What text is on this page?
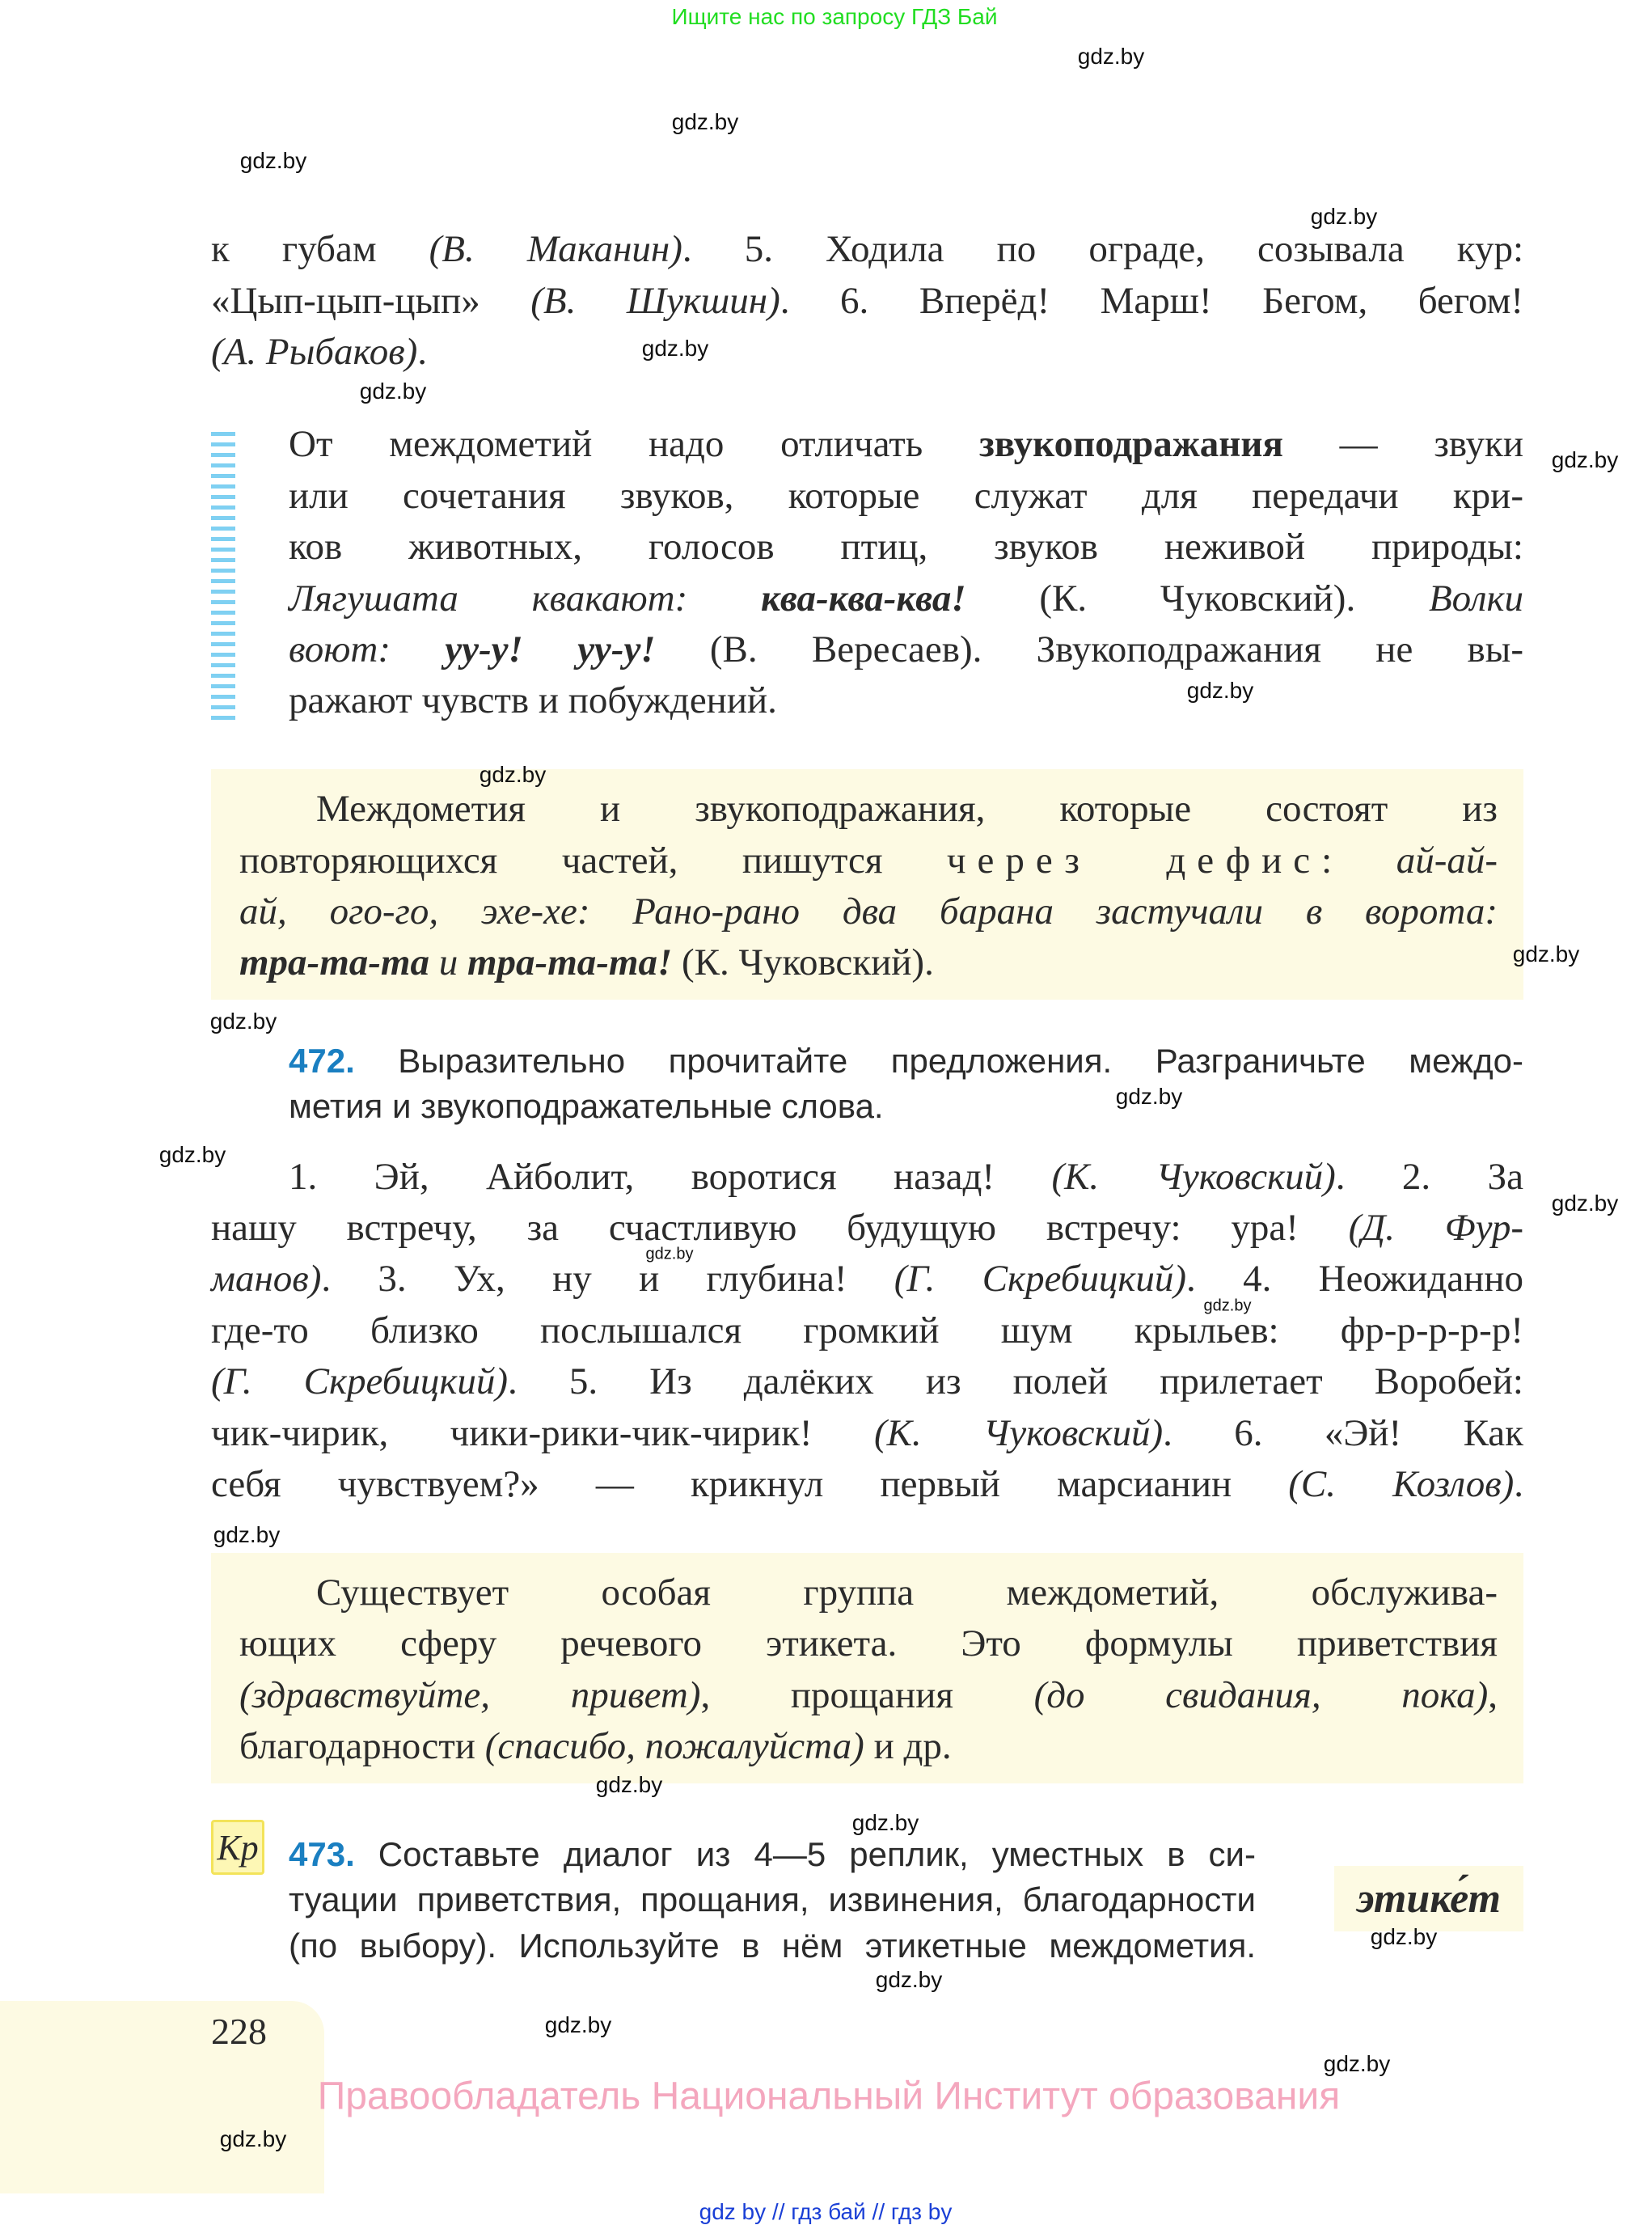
Ищите нас по запросу ГДЗ Бай
Кр
этике́т
228
Правообладатель Национальный Институт образования
gdz by // гдз бай // гдз by
к губам (В. Маканин). 5. Ходила по ограде, созывала кур:
«Цып-цып-цып» (В. Шукшин). 6. Вперёд! Марш! Бегом, бегом!
(А. Рыбаков).
От междометий надо отличать звукоподражания — звуки
или сочетания звуков, которые служат для передачи кри-
ков животных, голосов птиц, звуков неживой природы:
Лягушата квакают: ква-ква-ква! (К. Чуковский). Волки
воют: уу-у! уу-у! (В. Вересаев). Звукоподражания не вы-
ражают чувств и побуждений.
Междометия и звукоподражания, которые состоят из
повторяющихся частей, пишутся через дефис: ай-ай-
ай, ого-го, эхе-хе: Рано-рано два барана застучали в ворота:
тра-та-та и тра-та-та! (К. Чуковский).
472. Выразительно прочитайте предложения. Разграничьте междо-
метия и звукоподражательные слова.
1. Эй, Айболит, воротися назад! (К. Чуковский). 2. За
нашу встречу, за счастливую будущую встречу: ура! (Д. Фур-
манов). 3. Ух, ну и глубина! (Г. Скребицкий). 4. Неожиданно
где-то близко послышался громкий шум крыльев: фр-р-р-р-р!
(Г. Скребицкий). 5. Из далёких из полей прилетает Воробей:
чик-чирик, чики-рики-чик-чирик! (К. Чуковский). 6. «Эй! Как
себя чувствуем?» — крикнул первый марсианин (С. Козлов).
Существует особая группа междометий, обслужива-
ющих сферу речевого этикета. Это формулы приветствия
(здравствуйте, привет), прощания (до свидания, пока),
благодарности (спасибо, пожалуйста) и др.
473. Составьте диалог из 4—5 реплик, уместных в си-
туации приветствия, прощания, извинения, благодарности
(по выбору). Используйте в нём этикетные междометия.
gdz.by
gdz.by
gdz.by
gdz.by
gdz.by
gdz.by
gdz.by
gdz.by
gdz.by
gdz.by
gdz.by
gdz.by
gdz.by
gdz.by
gdz.by
gdz.by
gdz.by
gdz.by
gdz.by
gdz.by
gdz.by
gdz.by
gdz.by
gdz.by
